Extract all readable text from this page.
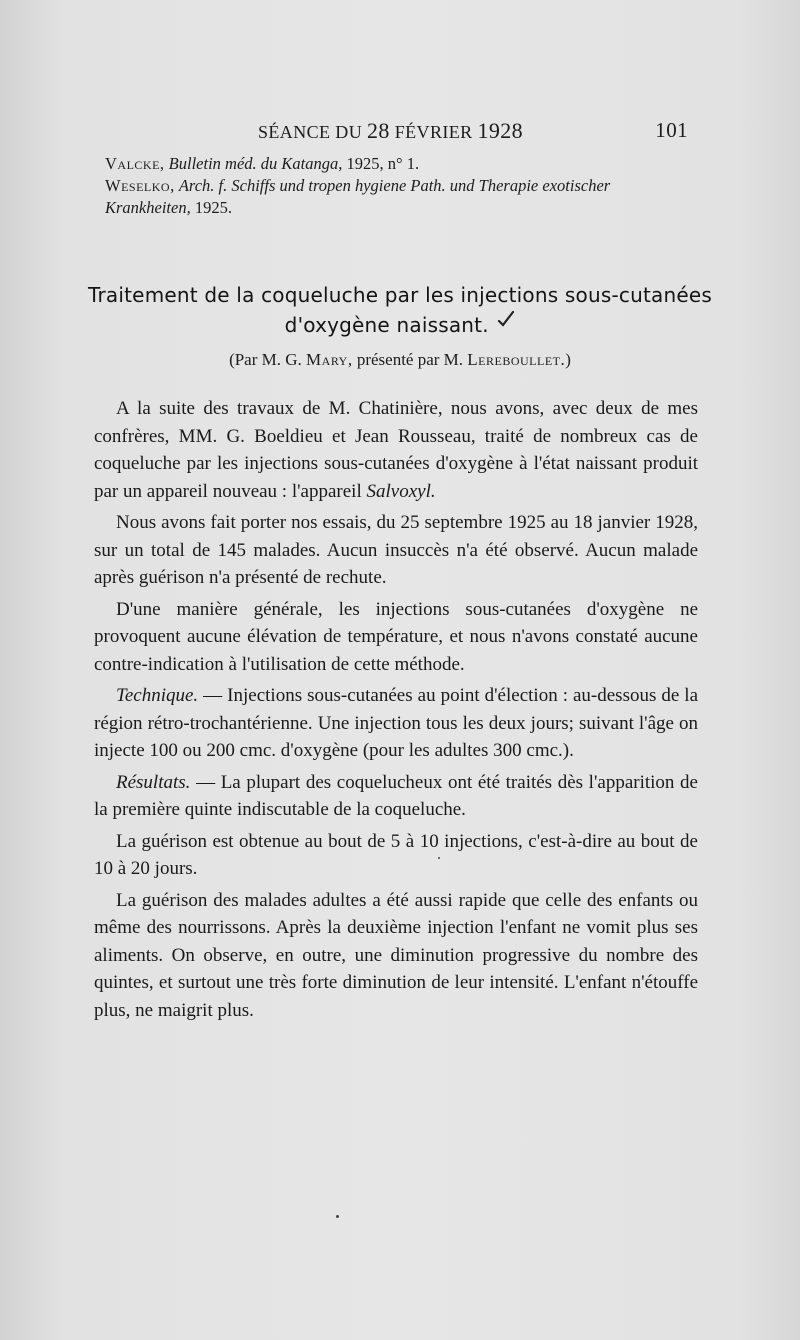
SÉANCE DU 28 FÉVRIER 1928	101

Valcke, Bulletin méd. du Katanga, 1925, n° 1.

Weselko, Arch. f. Schiffs und tropen hygiene Path. und Therapie exotischer Krankheiten, 1925.

Traitement de la coqueluche par les injections sous-cutanées
d'oxygène naissant.
(Par M. G. Mary, présenté par M. Lereboullet.)

A la suite des travaux de M. Chatinière, nous avons, avec deux de mes confrères, MM. G. Boeldieu et Jean Rousseau, traité de nombreux cas de coqueluche par les injections sous-cutanées d'oxygène à l'état naissant produit par un appareil nouveau : l'appareil Salvoxyl.

Nous avons fait porter nos essais, du 25 septembre 1925 au 18 janvier 1928, sur un total de 145 malades. Aucun insuccès n'a été observé. Aucun malade après guérison n'a présenté de rechute.

D'une manière générale, les injections sous-cutanées d'oxygène ne provoquent aucune élévation de température, et nous n'avons constaté aucune contre-indication à l'utilisation de cette méthode.

Technique. — Injections sous-cutanées au point d'élection : au-dessous de la région rétro-trochantérienne. Une injection tous les deux jours; suivant l'âge on injecte 100 ou 200 cmc. d'oxygène (pour les adultes 300 cmc.).

Résultats. — La plupart des coquelucheux ont été traités dès l'apparition de la première quinte indiscutable de la coqueluche.

La guérison est obtenue au bout de 5 à 10 injections, c'est-à-dire au bout de 10 à 20 jours.

La guérison des malades adultes a été aussi rapide que celle des enfants ou même des nourrissons. Après la deuxième injection l'enfant ne vomit plus ses aliments. On observe, en outre, une diminution progressive du nombre des quintes, et surtout une très forte diminution de leur intensité. L'enfant n'étouffe plus, ne maigrit plus.
